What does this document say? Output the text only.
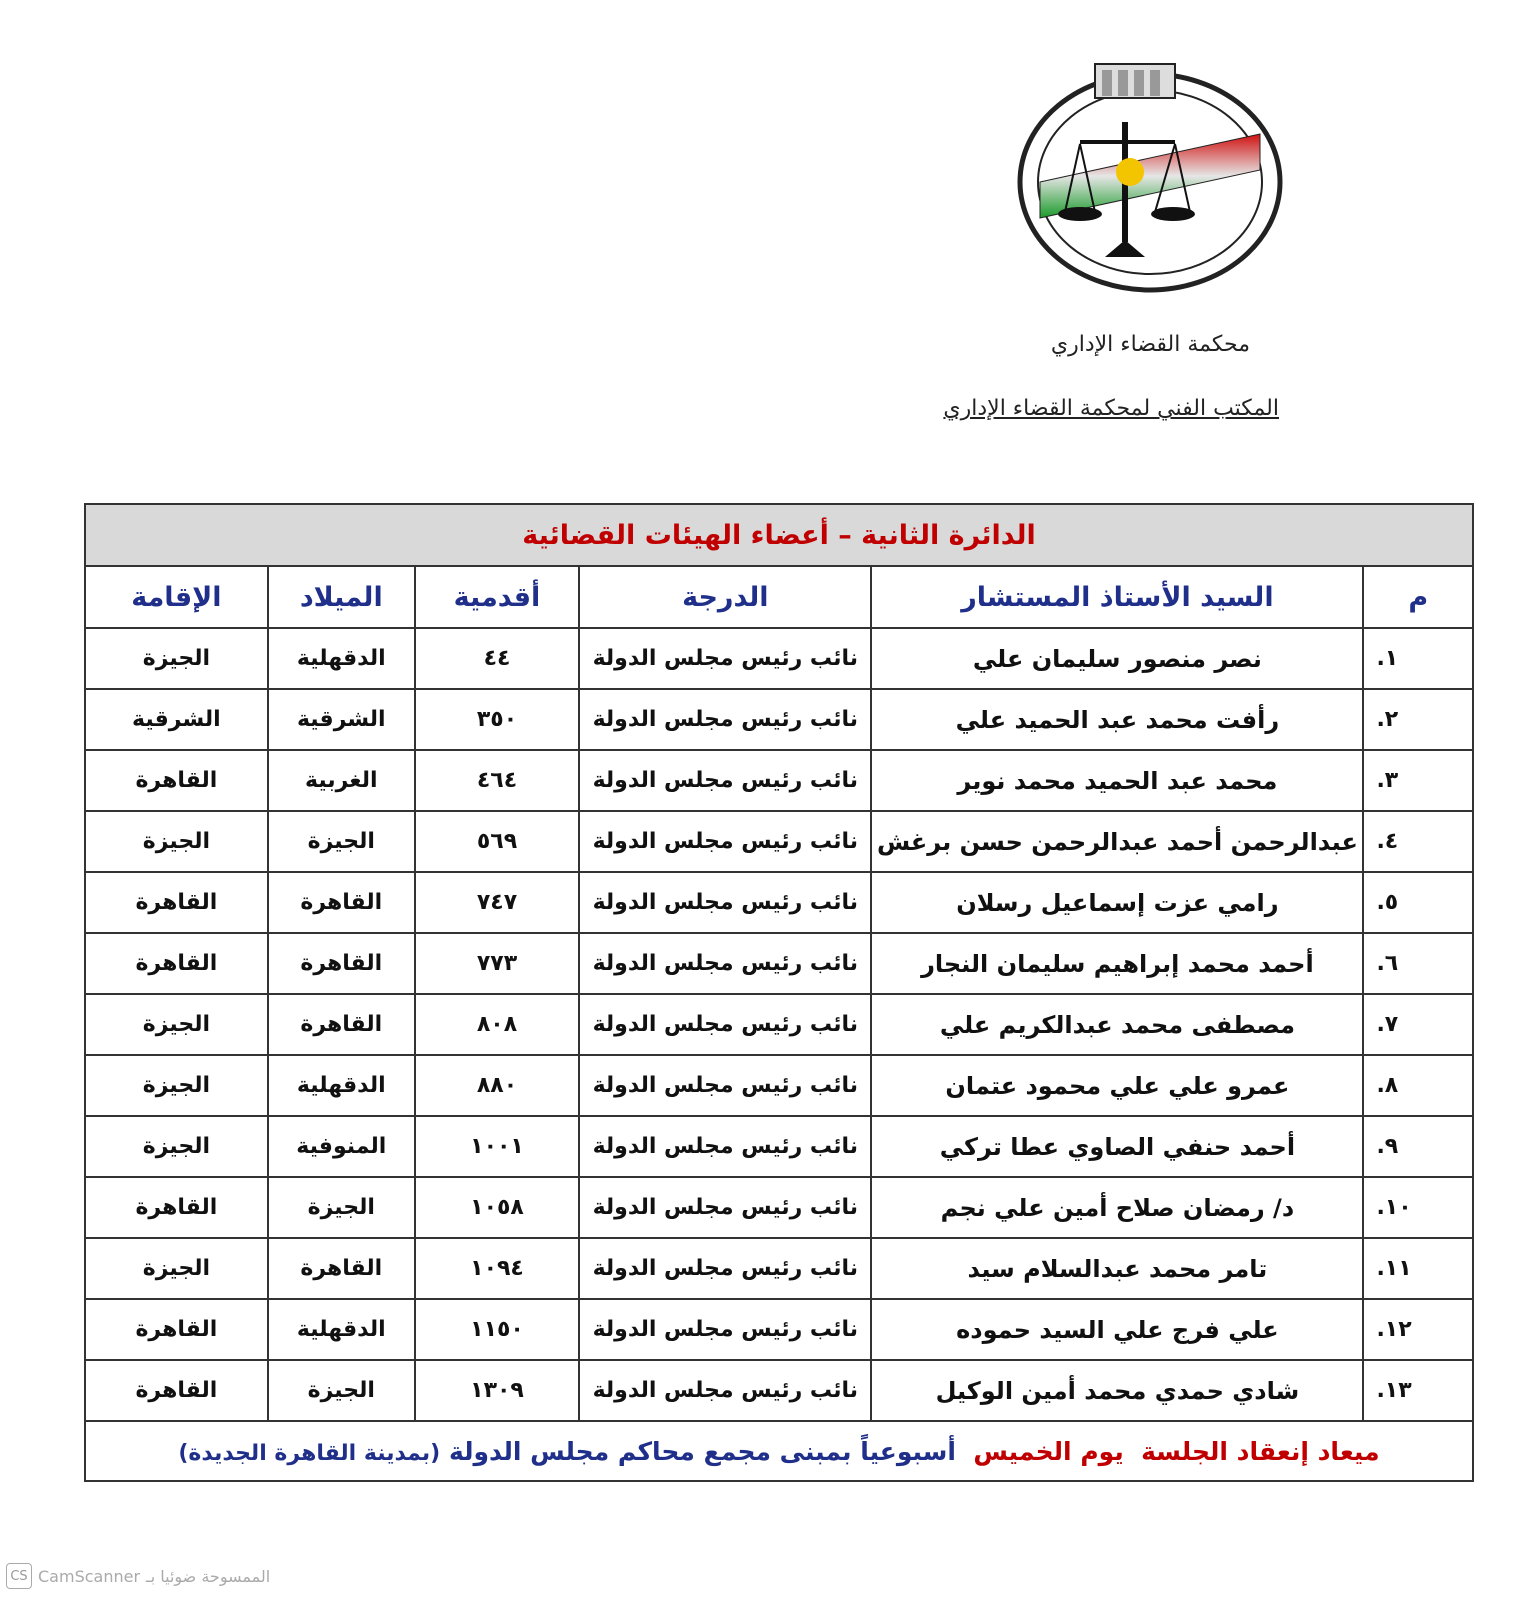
محكمة القضاء الإداري
المكتب الفني لمحكمة القضاء الإداري
الدائرة الثانية – أعضاء الهيئات القضائية					
م	السيد الأستاذ المستشار	الدرجة	أقدمية	الميلاد	الإقامة
١.	نصر منصور سليمان علي	نائب رئيس مجلس الدولة	٤٤	الدقهلية	الجيزة
٢.	رأفت محمد عبد الحميد علي	نائب رئيس مجلس الدولة	٣٥٠	الشرقية	الشرقية
٣.	محمد عبد الحميد محمد نوير	نائب رئيس مجلس الدولة	٤٦٤	الغربية	القاهرة
٤.	عبدالرحمن أحمد عبدالرحمن حسن برغش	نائب رئيس مجلس الدولة	٥٦٩	الجيزة	الجيزة
٥.	رامي عزت إسماعيل رسلان	نائب رئيس مجلس الدولة	٧٤٧	القاهرة	القاهرة
٦.	أحمد محمد إبراهيم سليمان النجار	نائب رئيس مجلس الدولة	٧٧٣	القاهرة	القاهرة
٧.	مصطفى محمد عبدالكريم علي	نائب رئيس مجلس الدولة	٨٠٨	القاهرة	الجيزة
٨.	عمرو علي علي محمود عتمان	نائب رئيس مجلس الدولة	٨٨٠	الدقهلية	الجيزة
٩.	أحمد حنفي الصاوي عطا تركي	نائب رئيس مجلس الدولة	١٠٠١	المنوفية	الجيزة
١٠.	د/ رمضان صلاح أمين علي نجم	نائب رئيس مجلس الدولة	١٠٥٨	الجيزة	القاهرة
١١.	تامر محمد عبدالسلام سيد	نائب رئيس مجلس الدولة	١٠٩٤	القاهرة	الجيزة
١٢.	علي فرج علي السيد حموده	نائب رئيس مجلس الدولة	١١٥٠	الدقهلية	القاهرة
١٣.	شادي حمدي محمد أمين الوكيل	نائب رئيس مجلس الدولة	١٣٠٩	الجيزة	القاهرة
ميعاد إنعقاد الجلسة  يوم الخميس  أسبوعياً بمبنى مجمع محاكم مجلس الدولة (بمدينة القاهرة الجديدة)					
CS CamScanner الممسوحة ضوئيا بـ
